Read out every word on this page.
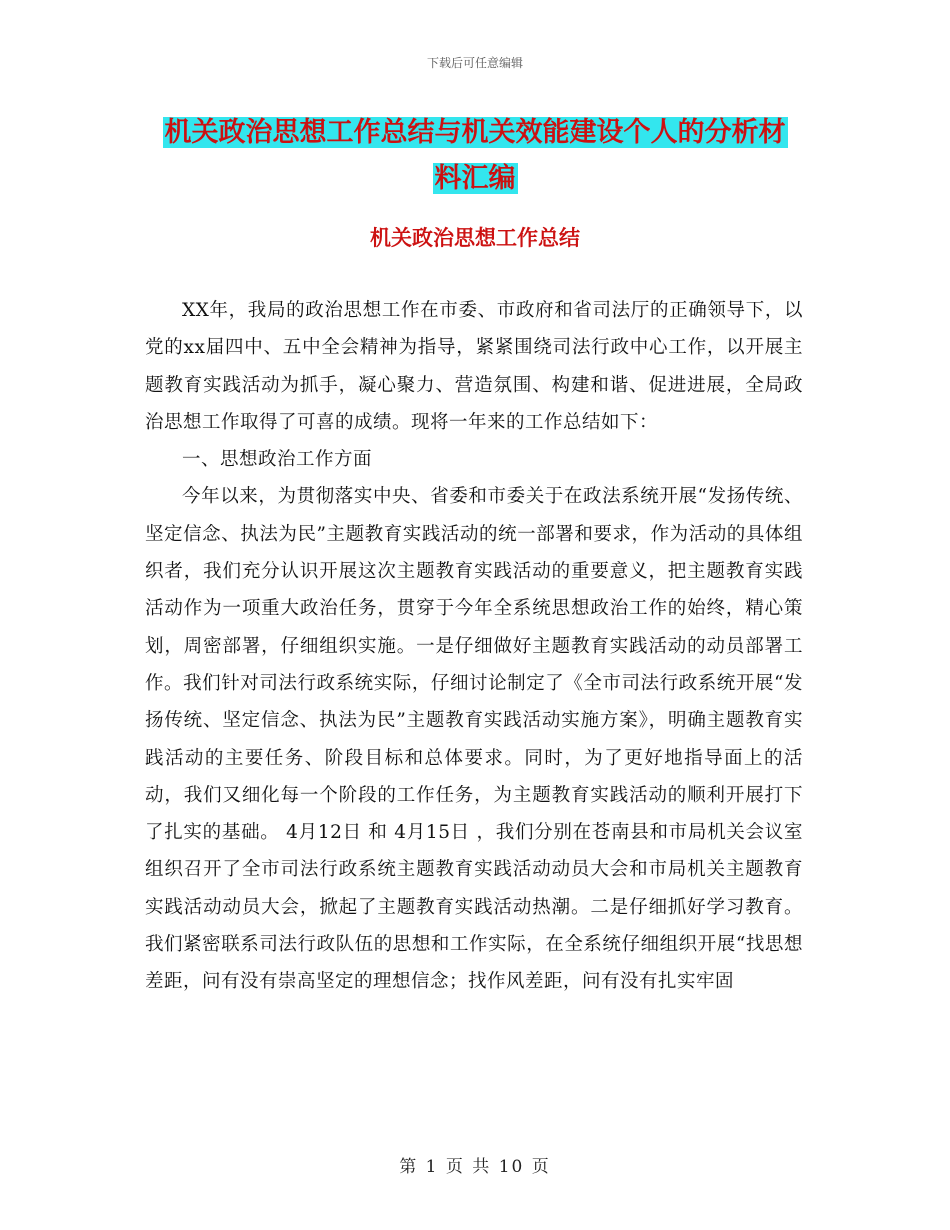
下载后可任意编辑
机关政治思想工作总结与机关效能建设个人的分析材
料汇编
机关政治思想工作总结

XX年，我局的政治思想工作在市委、市政府和省司法厅的正确领导下，以党的xx届四中、五中全会精神为指导，紧紧围绕司法行政中心工作，以开展主题教育实践活动为抓手，凝心聚力、营造氛围、构建和谐、促进进展，全局政治思想工作取得了可喜的成绩。现将一年来的工作总结如下：

一、思想政治工作方面

今年以来，为贯彻落实中央、省委和市委关于在政法系统开展“发扬传统、坚定信念、执法为民”主题教育实践活动的统一部署和要求，作为活动的具体组织者，我们充分认识开展这次主题教育实践活动的重要意义，把主题教育实践活动作为一项重大政治任务，贯穿于今年全系统思想政治工作的始终，精心策划，周密部署，仔细组织实施。一是仔细做好主题教育实践活动的动员部署工作。我们针对司法行政系统实际，仔细讨论制定了《全市司法行政系统开展“发扬传统、坚定信念、执法为民”主题教育实践活动实施方案》，明确主题教育实践活动的主要任务、阶段目标和总体要求。同时，为了更好地指导面上的活动，我们又细化每一个阶段的工作任务，为主题教育实践活动的顺利开展打下了扎实的基础。 4月12日 和 4月15日 ，我们分别在苍南县和市局机关会议室组织召开了全市司法行政系统主题教育实践活动动员大会和市局机关主题教育实践活动动员大会，掀起了主题教育实践活动热潮。二是仔细抓好学习教育。我们紧密联系司法行政队伍的思想和工作实际，在全系统仔细组织开展“找思想差距，问有没有崇高坚定的理想信念；找作风差距，问有没有扎实牢固

第 1 页 共 10 页
